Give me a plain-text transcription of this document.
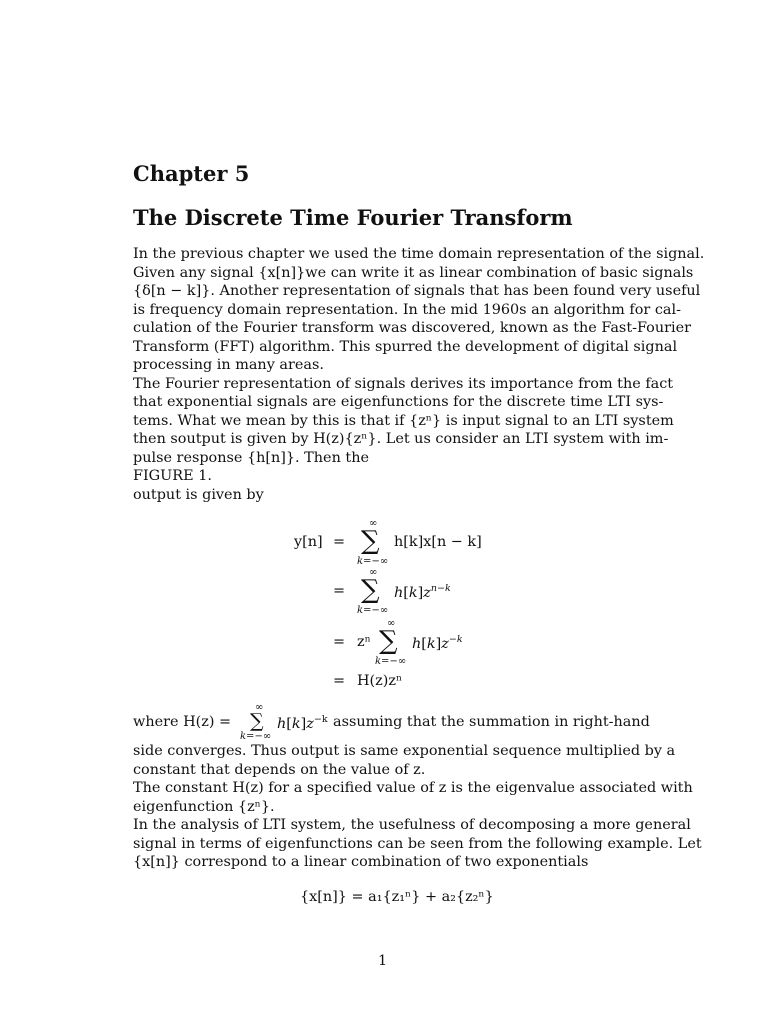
Chapter 5
The Discrete Time Fourier Transform
In the previous chapter we used the time domain representation of the signal.
Given any signal {x[n]}we can write it as linear combination of basic signals
{δ[n − k]}. Another representation of signals that has been found very useful
is frequency domain representation. In the mid 1960s an algorithm for cal-
culation of the Fourier transform was discovered, known as the Fast-Fourier
Transform (FFT) algorithm. This spurred the development of digital signal
processing in many areas.
The Fourier representation of signals derives its importance from the fact
that exponential signals are eigenfunctions for the discrete time LTI sys-
tems. What we mean by this is that if {zⁿ} is input signal to an LTI system
then soutput is given by H(z){zⁿ}. Let us consider an LTI system with im-
pulse response {h[n]}. Then the
FIGURE 1.
output is given by
y[n] =
∞
∑
k=−∞
h[k]x[n − k]
=
∞
∑
k=−∞
$h[k]z^{n-k}$
= zⁿ
∞
∑
k=−∞
$h[k]z^{-k}$
= H(z)zⁿ
where H(z) =
∞
∑
k=−∞
$h[k]z^{-k}$ assuming that the summation in right-hand
side converges. Thus output is same exponential sequence multiplied by a
constant that depends on the value of z.
The constant H(z) for a specified value of z is the eigenvalue associated with
eigenfunction {zⁿ}.
In the analysis of LTI system, the usefulness of decomposing a more general
signal in terms of eigenfunctions can be seen from the following example. Let
{x[n]} correspond to a linear combination of two exponentials
{x[n]} = a₁{z₁ⁿ} + a₂{z₂ⁿ}
1
